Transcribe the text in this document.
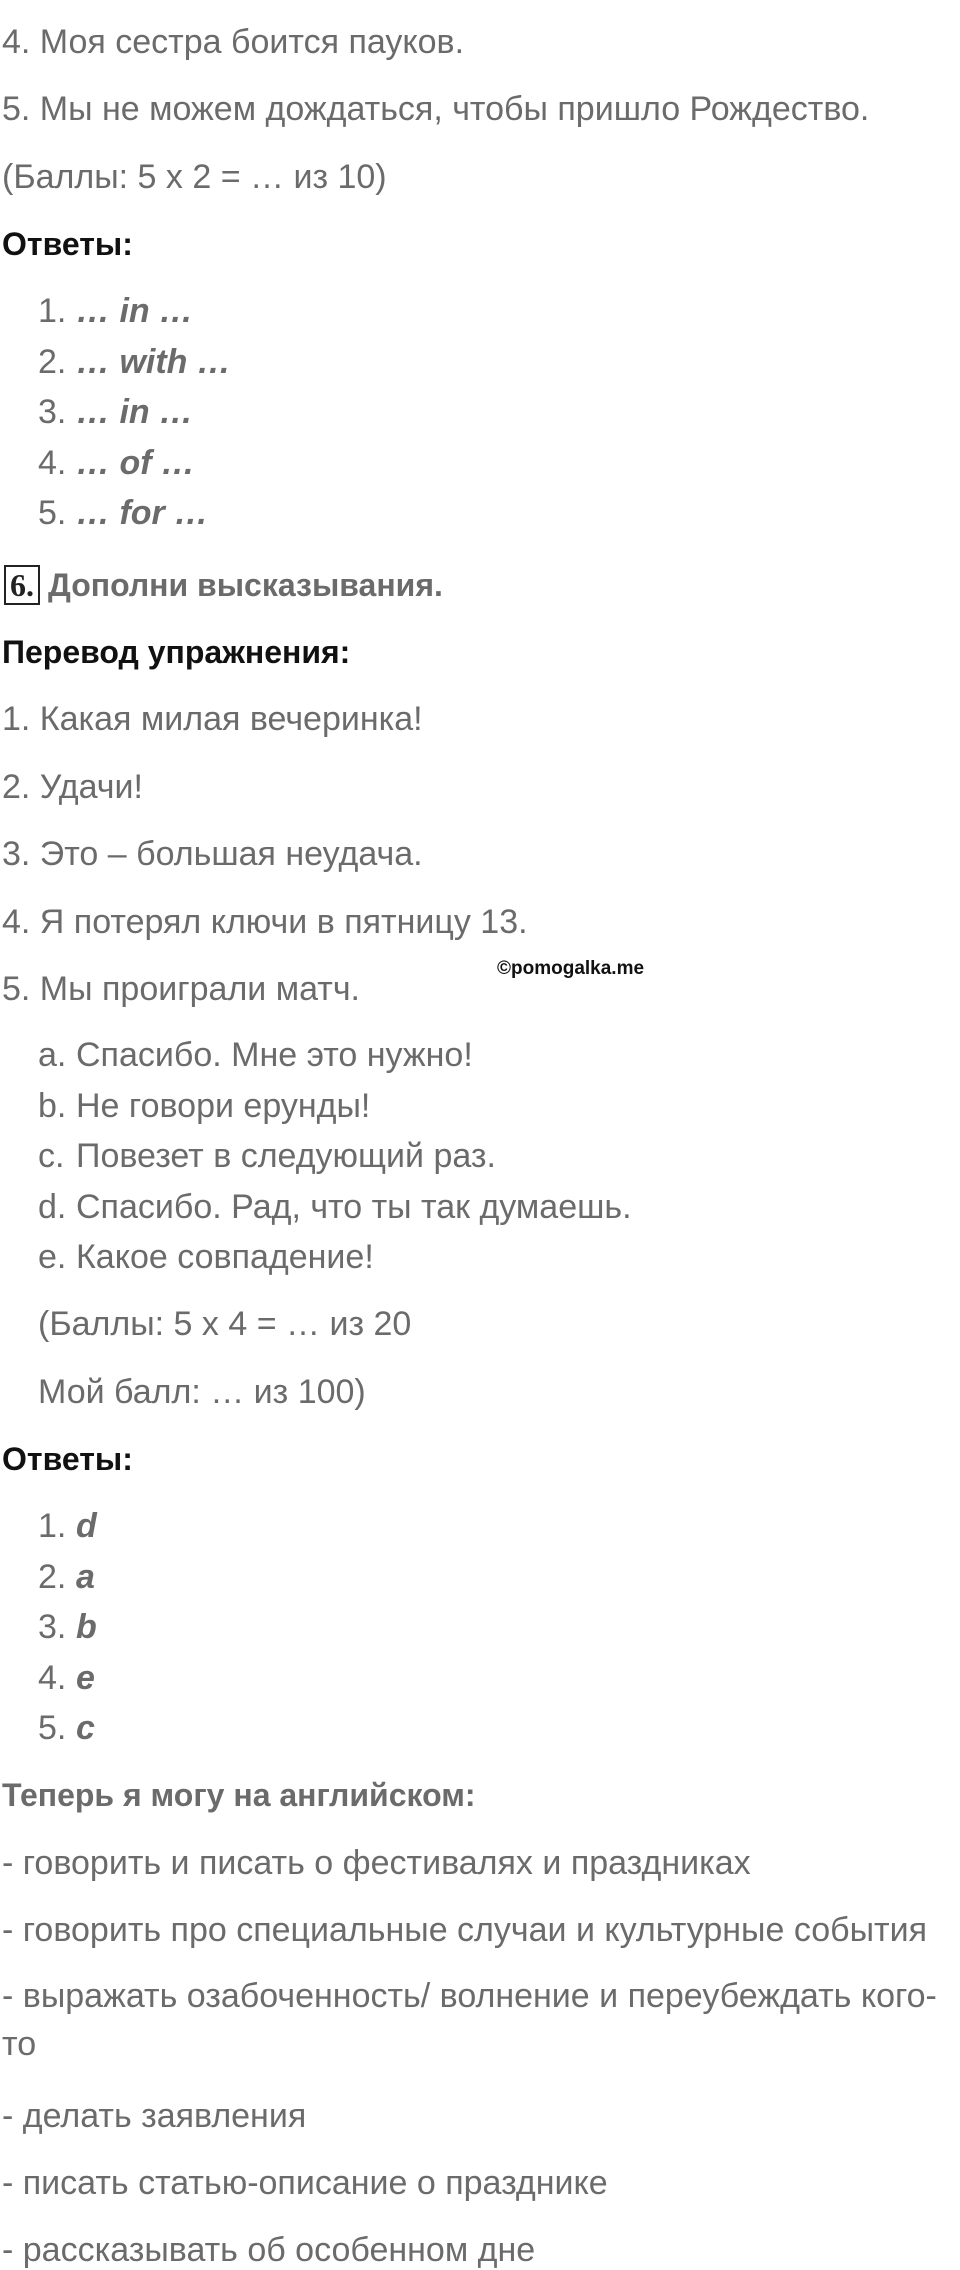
4. Моя сестра боится пауков.
5. Мы не можем дождаться, чтобы пришло Рождество.
(Баллы: 5 x 2 = … из 10)
Ответы:
1. … in …
2. … with …
3. … in …
4. … of …
5. … for …
6. Дополни высказывания.
Перевод упражнения:
1. Какая милая вечеринка!
2. Удачи!
3. Это – большая неудача.
4. Я потерял ключи в пятницу 13.
5. Мы проиграли матч.
©pomogalka.me
a. Спасибо. Мне это нужно!
b. Не говори ерунды!
c. Повезет в следующий раз.
d. Спасибо. Рад, что ты так думаешь.
e. Какое совпадение!
(Баллы: 5 x 4 = … из 20
Мой балл: … из 100)
Ответы:
1. d
2. a
3. b
4. e
5. c
Теперь я могу на английском:
- говорить и писать о фестивалях и праздниках
- говорить про специальные случаи и культурные события
- выражать озабоченность/ волнение и переубеждать кого-то
- делать заявления
- писать статью-описание о празднике
- рассказывать об особенном дне
